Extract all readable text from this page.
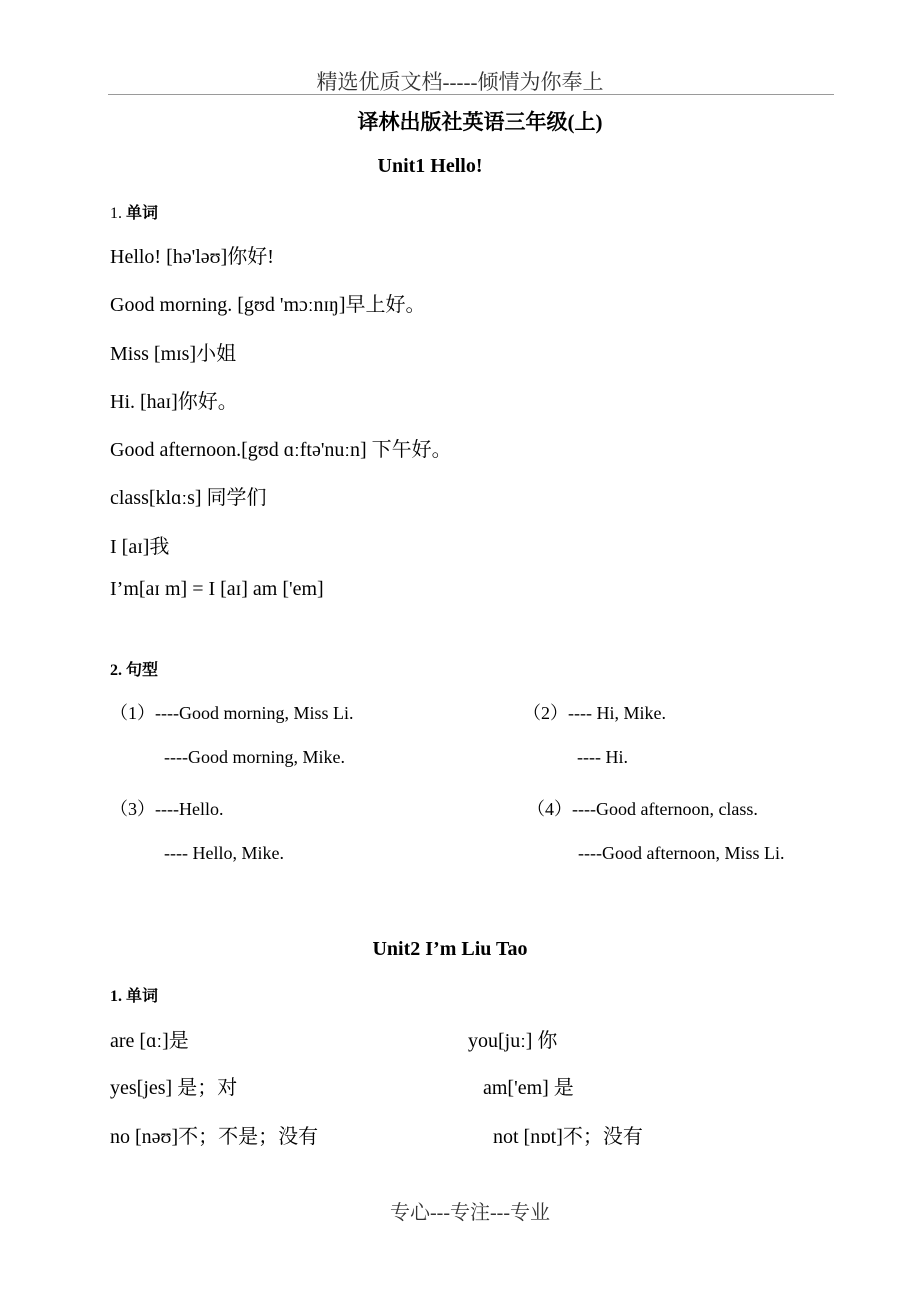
精选优质文档-----倾情为你奉上
译林出版社英语三年级(上)
Unit1 Hello!
1. 单词
Hello! [hə'ləʊ]你好!
Good morning. [gʊd 'mɔːnɪŋ]早上好。
Miss [mɪs]小姐
Hi. [haɪ]你好。
Good afternoon.[gʊd ɑːftə'nuːn] 下午好。
class[klɑːs] 同学们
I [aɪ]我
I’m[aɪ m] = I [aɪ] am ['em]
2. 句型
（1）----Good morning, Miss Li.
----Good morning, Mike.
（2）---- Hi, Mike.
---- Hi.
（3）----Hello.
---- Hello, Mike.
（4）----Good afternoon, class.
----Good afternoon, Miss Li.
Unit2 I’m Liu Tao
1. 单词
are [ɑː]是	you[juː] 你
yes[jes] 是；对	am['em] 是
no [nəʊ]不；不是；没有	not [nɒt]不；没有
专心---专注---专业
